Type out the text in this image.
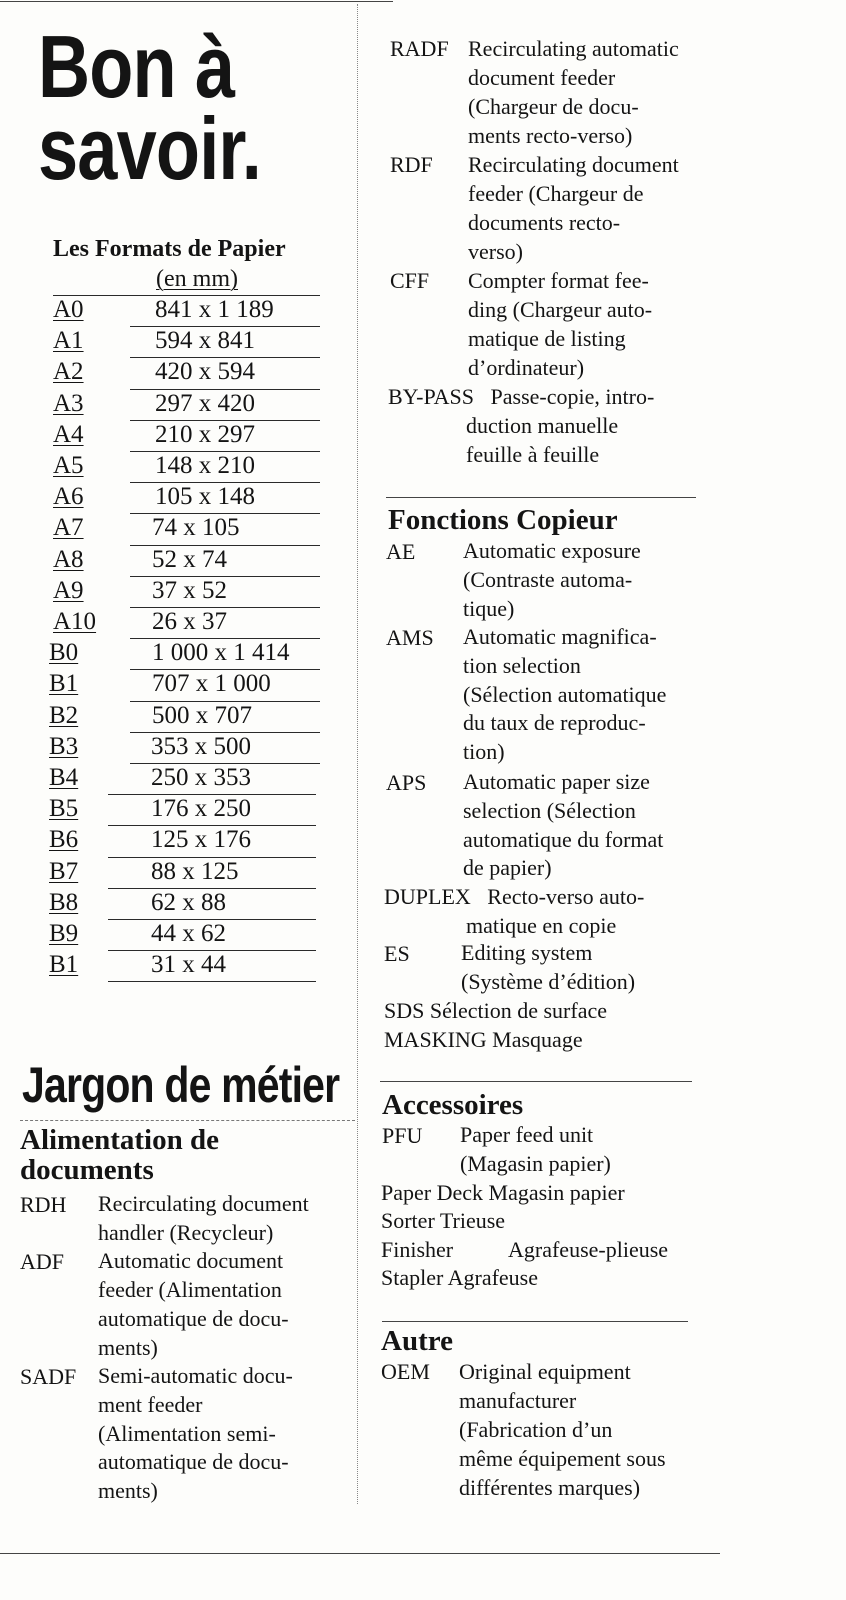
Bon à
savoir.
Les Formats de Papier
(en mm)
A0	841 x 1 189
A1	594 x 841
A2	420 x 594
A3	297 x 420
A4	210 x 297
A5	148 x 210
A6	105 x 148
A7	74 x 105
A8	52 x 74
A9	37 x 52
A10 26 x 37
B0	1 000 x 1 414
B1	707 x 1 000
B2	500 x 707
B3	353 x 500
B4	250 x 353
B5	176 x 250
B6	125 x 176
B7	88 x 125
B8	62 x 88
B9	44 x 62
B1	31 x 44
Jargon de métier
Alimentation de
documents
RDH Recirculating document
handler (Recycleur)
ADF Automatic document
feeder (Alimentation
automatique de docu-
ments)
SADF Semi-automatic docu-
ment feeder
(Alimentation semi-
automatique de docu-
ments)
RADF Recirculating automatic
document feeder
(Chargeur de docu-
ments recto-verso)
RDF Recirculating document
feeder (Chargeur de
documents recto-
verso)
CFF Compter format fee-
ding (Chargeur auto-
matique de listing
d’ordinateur)
BY-PASS Passe-copie, intro-
duction manuelle
feuille à feuille
Fonctions Copieur
AE Automatic exposure
(Contraste automa-
tique)
AMS Automatic magnifica-
tion selection
(Sélection automatique
du taux de reproduc-
tion)
APS Automatic paper size
selection (Sélection
automatique du format
de papier)
DUPLEX Recto-verso auto-
matique en copie
ES Editing system
(Système d’édition)
SDS Sélection de surface
MASKING Masquage
Accessoires
PFU Paper feed unit
(Magasin papier)
Paper Deck Magasin papier
Sorter Trieuse
Finisher Agrafeuse-plieuse
Stapler Agrafeuse
Autre
OEM Original equipment
manufacturer
(Fabrication d’un
même équipement sous
différentes marques)
